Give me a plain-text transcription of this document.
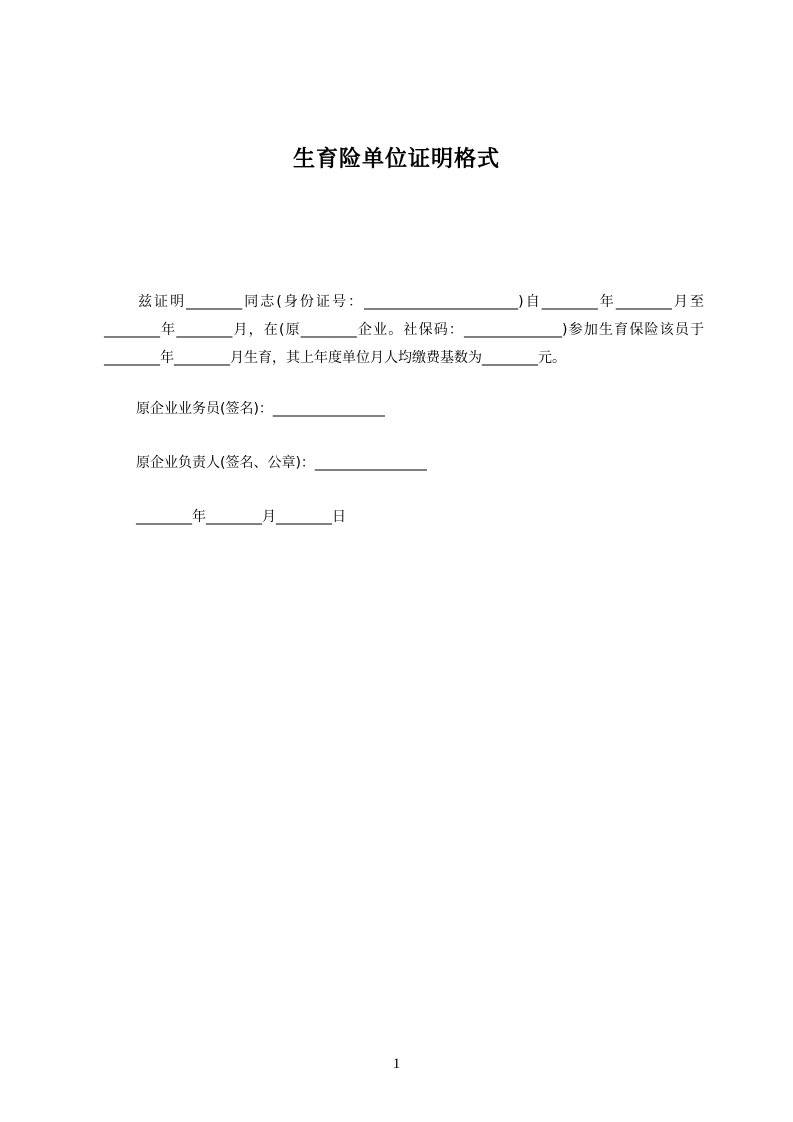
生育险单位证明格式
兹证明________同志(身份证号：______________________)自________年________月至________年________月，在(原________企业。社保码：______________)参加生育保险该员于________年________月生育，其上年度单位月人均缴费基数为________元。
原企业业务员(签名)：________________
原企业负责人(签名、公章)：________________
________年________月________日
1
